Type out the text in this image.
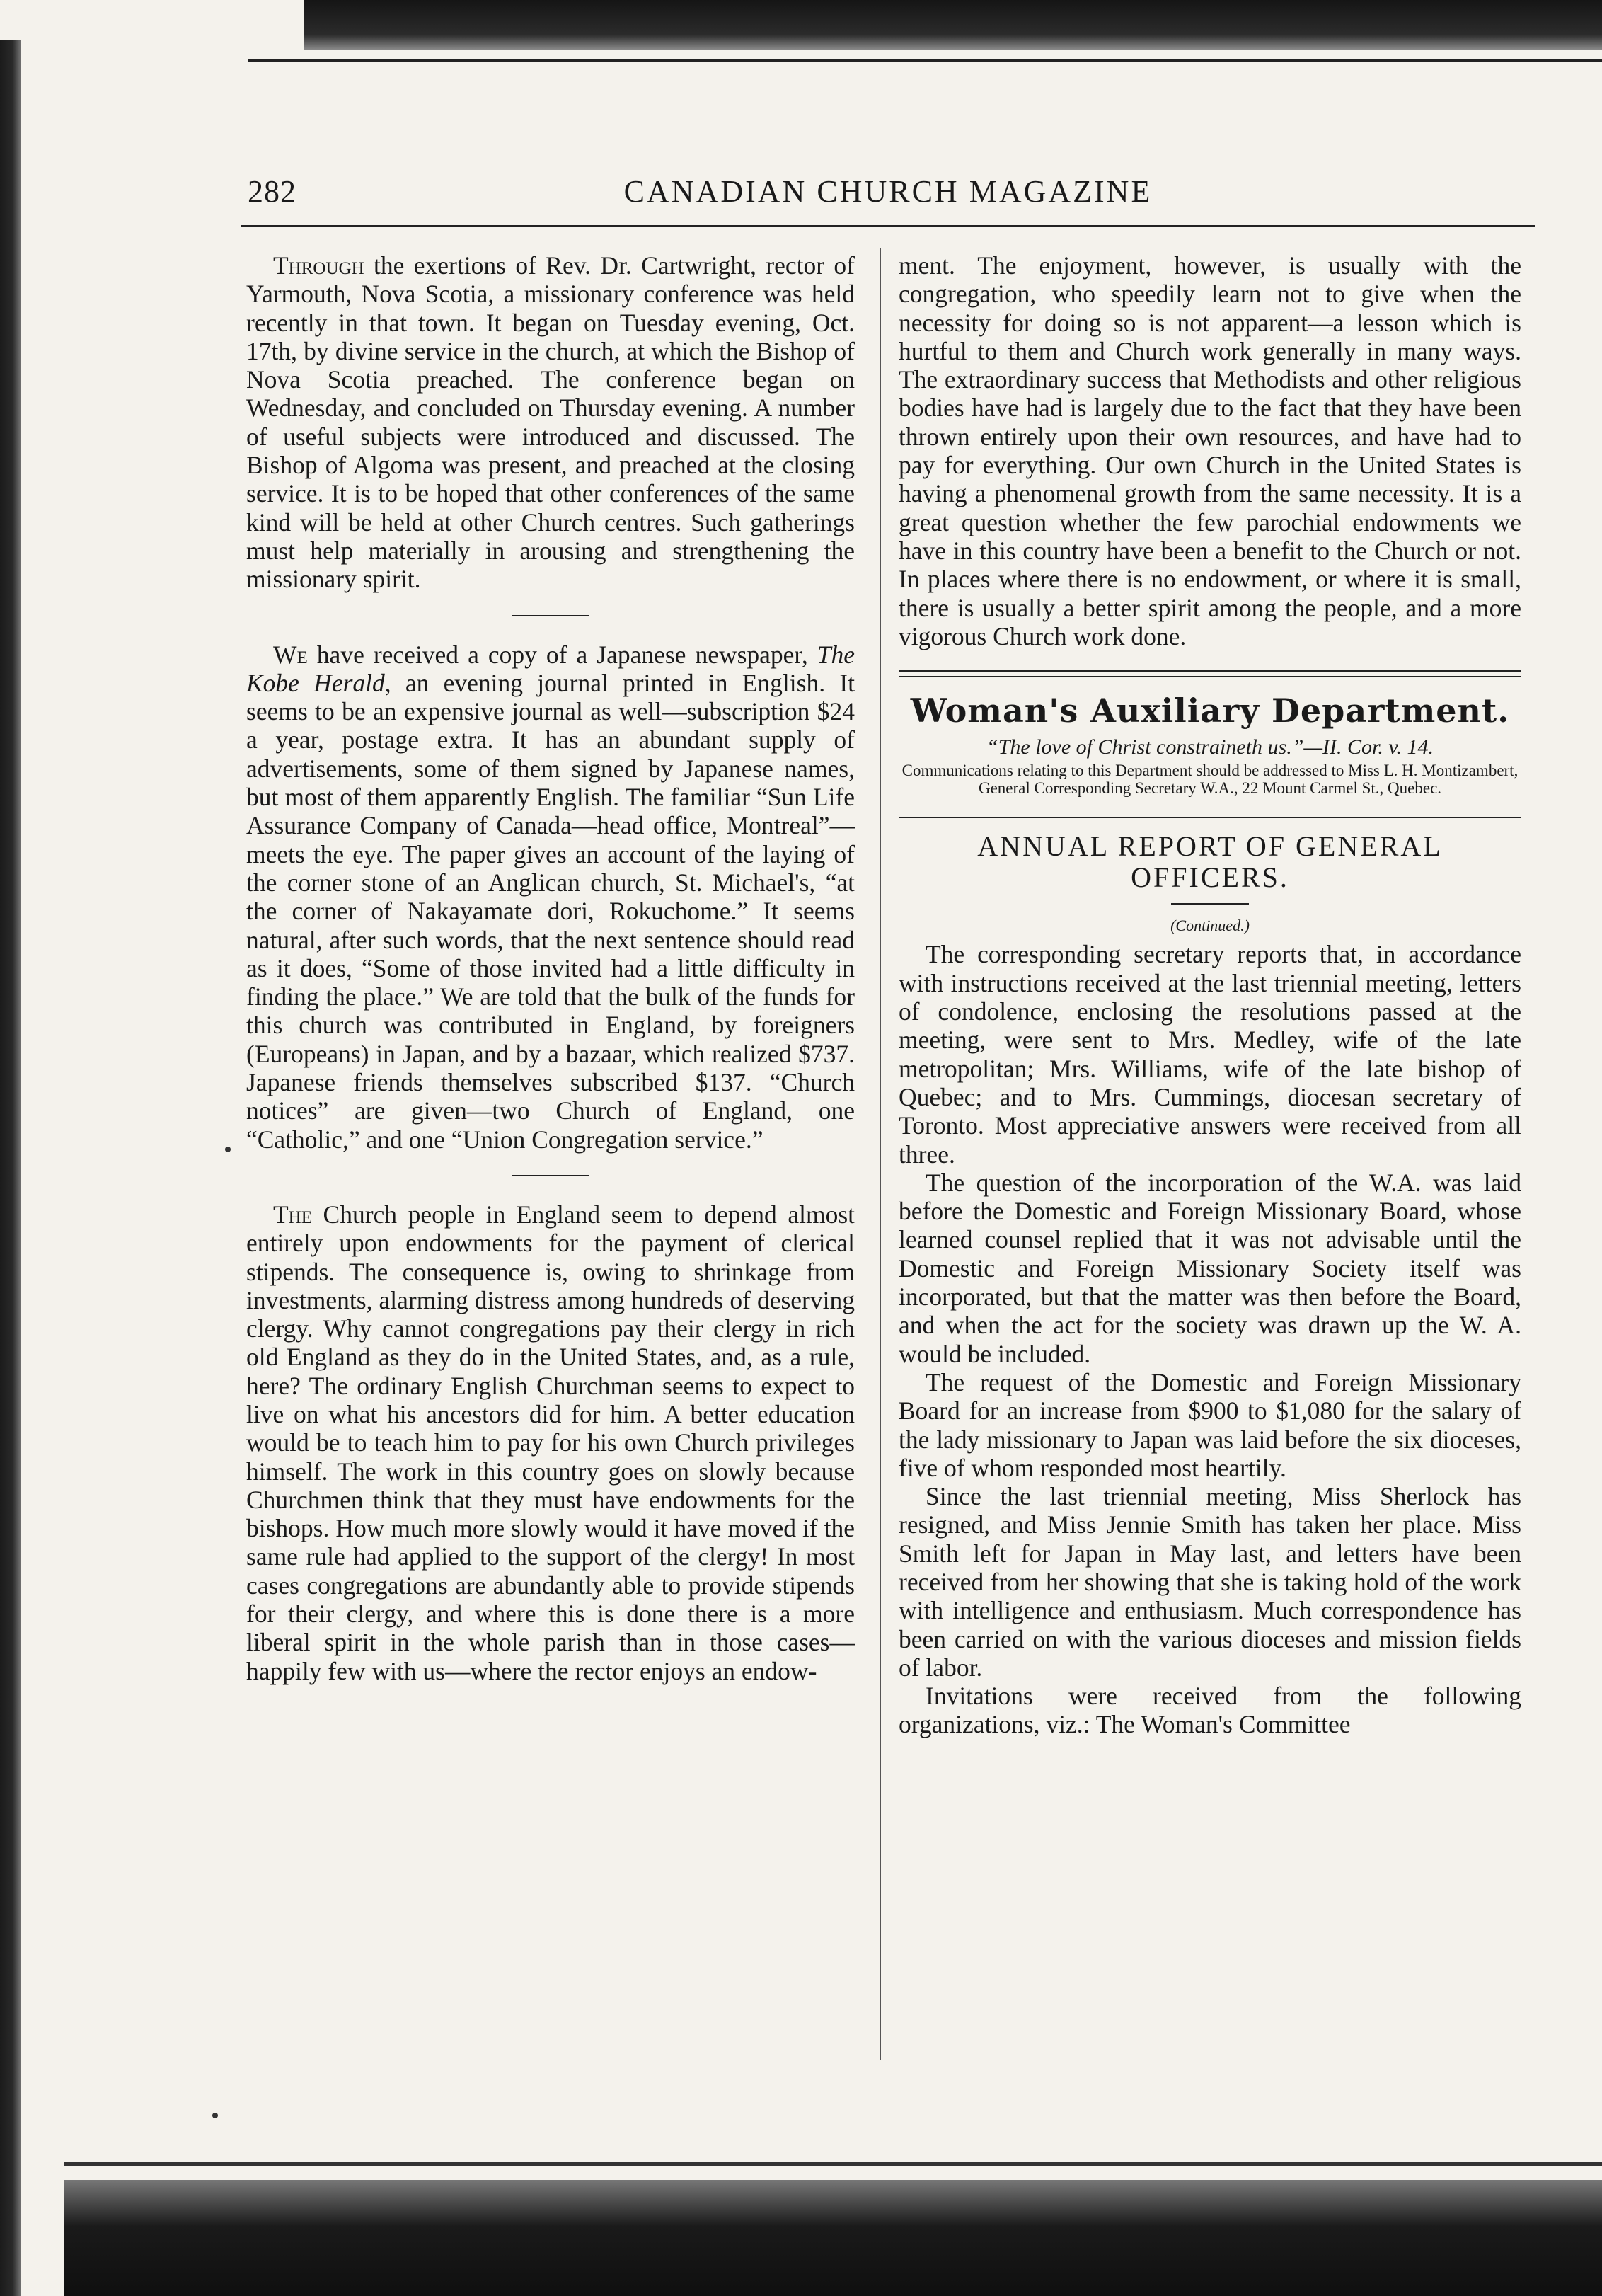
282	CANADIAN CHURCH MAGAZINE

Through the exertions of Rev. Dr. Cartwright, rector of Yarmouth, Nova Scotia, a missionary conference was held recently in that town. It began on Tuesday evening, Oct. 17th, by divine service in the church, at which the Bishop of Nova Scotia preached. The conference began on Wednesday, and concluded on Thursday evening. A number of useful subjects were introduced and discussed. The Bishop of Algoma was present, and preached at the closing service. It is to be hoped that other conferences of the same kind will be held at other Church centres. Such gatherings must help materially in arousing and strengthening the missionary spirit.

We have received a copy of a Japanese newspaper, The Kobe Herald, an evening journal printed in English. It seems to be an expensive journal as well—subscription $24 a year, postage extra. It has an abundant supply of advertisements, some of them signed by Japanese names, but most of them apparently English. The familiar “Sun Life Assurance Company of Canada—head office, Montreal”—meets the eye. The paper gives an account of the laying of the corner stone of an Anglican church, St. Michael's, “at the corner of Nakayamate dori, Rokuchome.” It seems natural, after such words, that the next sentence should read as it does, “Some of those invited had a little difficulty in finding the place.” We are told that the bulk of the funds for this church was contributed in England, by foreigners (Europeans) in Japan, and by a bazaar, which realized $737. Japanese friends themselves subscribed $137. “Church notices” are given—two Church of England, one “Catholic,” and one “Union Congregation service.”

The Church people in England seem to depend almost entirely upon endowments for the payment of clerical stipends. The consequence is, owing to shrinkage from investments, alarming distress among hundreds of deserving clergy. Why cannot congregations pay their clergy in rich old England as they do in the United States, and, as a rule, here? The ordinary English Churchman seems to expect to live on what his ancestors did for him. A better education would be to teach him to pay for his own Church privileges himself. The work in this country goes on slowly because Churchmen think that they must have endowments for the bishops. How much more slowly would it have moved if the same rule had applied to the support of the clergy! In most cases congregations are abundantly able to provide stipends for their clergy, and where this is done there is a more liberal spirit in the whole parish than in those cases—happily few with us—where the rector enjoys an endow-

ment. The enjoyment, however, is usually with the congregation, who speedily learn not to give when the necessity for doing so is not apparent—a lesson which is hurtful to them and Church work generally in many ways. The extraordinary success that Methodists and other religious bodies have had is largely due to the fact that they have been thrown entirely upon their own resources, and have had to pay for everything. Our own Church in the United States is having a phenomenal growth from the same necessity. It is a great question whether the few parochial endowments we have in this country have been a benefit to the Church or not. In places where there is no endowment, or where it is small, there is usually a better spirit among the people, and a more vigorous Church work done.

Woman's Auxiliary Department.

“The love of Christ constraineth us.”—II. Cor. v. 14.

Communications relating to this Department should be addressed to Miss L. H. Montizambert, General Corresponding Secretary W.A., 22 Mount Carmel St., Quebec.

ANNUAL REPORT OF GENERAL OFFICERS.

(Continued.)

The corresponding secretary reports that, in accordance with instructions received at the last triennial meeting, letters of condolence, enclosing the resolutions passed at the meeting, were sent to Mrs. Medley, wife of the late metropolitan; Mrs. Williams, wife of the late bishop of Quebec; and to Mrs. Cummings, diocesan secretary of Toronto. Most appreciative answers were received from all three.

The question of the incorporation of the W.A. was laid before the Domestic and Foreign Missionary Board, whose learned counsel replied that it was not advisable until the Domestic and Foreign Missionary Society itself was incorporated, but that the matter was then before the Board, and when the act for the society was drawn up the W. A. would be included.

The request of the Domestic and Foreign Missionary Board for an increase from $900 to $1,080 for the salary of the lady missionary to Japan was laid before the six dioceses, five of whom responded most heartily.

Since the last triennial meeting, Miss Sherlock has resigned, and Miss Jennie Smith has taken her place. Miss Smith left for Japan in May last, and letters have been received from her showing that she is taking hold of the work with intelligence and enthusiasm. Much correspondence has been carried on with the various dioceses and mission fields of labor.

Invitations were received from the following organizations, viz.: The Woman's Committee
